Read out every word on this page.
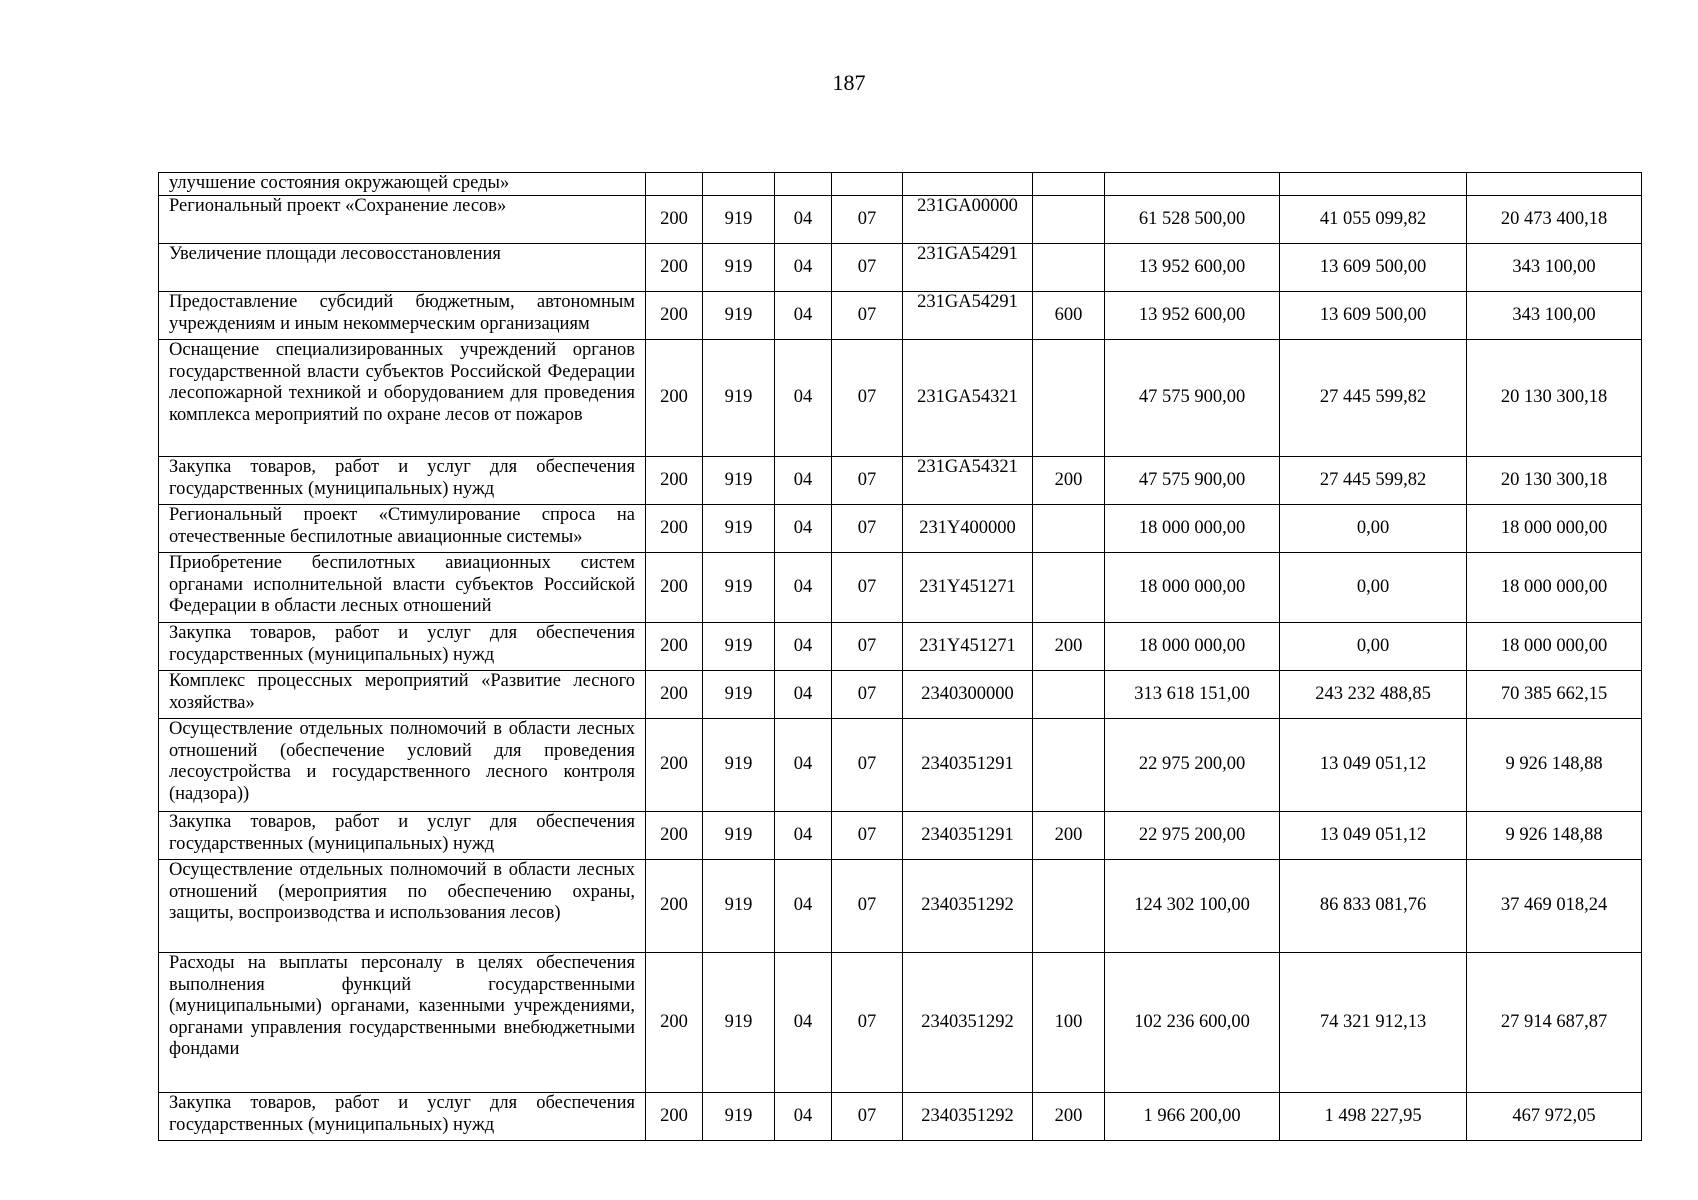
187
улучшение состояния окружающей среды»									
Региональный проект «Сохранение лесов»	200	919	04	07	231GA00000		61 528 500,00	41 055 099,82	20 473 400,18
Увеличение площади лесовосстановления	200	919	04	07	231GA54291		13 952 600,00	13 609 500,00	343 100,00
Предоставление субсидий бюджетным, автономным учреждениям и иным некоммерческим организациям	200	919	04	07	231GA54291	600	13 952 600,00	13 609 500,00	343 100,00
Оснащение специализированных учреждений органов государственной власти субъектов Российской Федерации лесопожарной техникой и оборудованием для проведения комплекса мероприятий по охране лесов от пожаров	200	919	04	07	231GA54321		47 575 900,00	27 445 599,82	20 130 300,18
Закупка товаров, работ и услуг для обеспечения государственных (муниципальных) нужд	200	919	04	07	231GA54321	200	47 575 900,00	27 445 599,82	20 130 300,18
Региональный проект «Стимулирование спроса на отечественные беспилотные авиационные системы»	200	919	04	07	231Y400000		18 000 000,00	0,00	18 000 000,00
Приобретение беспилотных авиационных систем органами исполнительной власти субъектов Российской Федерации в области лесных отношений	200	919	04	07	231Y451271		18 000 000,00	0,00	18 000 000,00
Закупка товаров, работ и услуг для обеспечения государственных (муниципальных) нужд	200	919	04	07	231Y451271	200	18 000 000,00	0,00	18 000 000,00
Комплекс процессных мероприятий «Развитие лесного хозяйства»	200	919	04	07	2340300000		313 618 151,00	243 232 488,85	70 385 662,15
Осуществление отдельных полномочий в области лесных отношений (обеспечение условий для проведения лесоустройства и государственного лесного контроля (надзора))	200	919	04	07	2340351291		22 975 200,00	13 049 051,12	9 926 148,88
Закупка товаров, работ и услуг для обеспечения государственных (муниципальных) нужд	200	919	04	07	2340351291	200	22 975 200,00	13 049 051,12	9 926 148,88
Осуществление отдельных полномочий в области лесных отношений (мероприятия по обеспечению охраны, защиты, воспроизводства и использования лесов)	200	919	04	07	2340351292		124 302 100,00	86 833 081,76	37 469 018,24
Расходы на выплаты персоналу в целях обеспечения выполнения функций государственными (муниципальными) органами, казенными учреждениями, органами управления государственными внебюджетными фондами	200	919	04	07	2340351292	100	102 236 600,00	74 321 912,13	27 914 687,87
Закупка товаров, работ и услуг для обеспечения государственных (муниципальных) нужд	200	919	04	07	2340351292	200	1 966 200,00	1 498 227,95	467 972,05
